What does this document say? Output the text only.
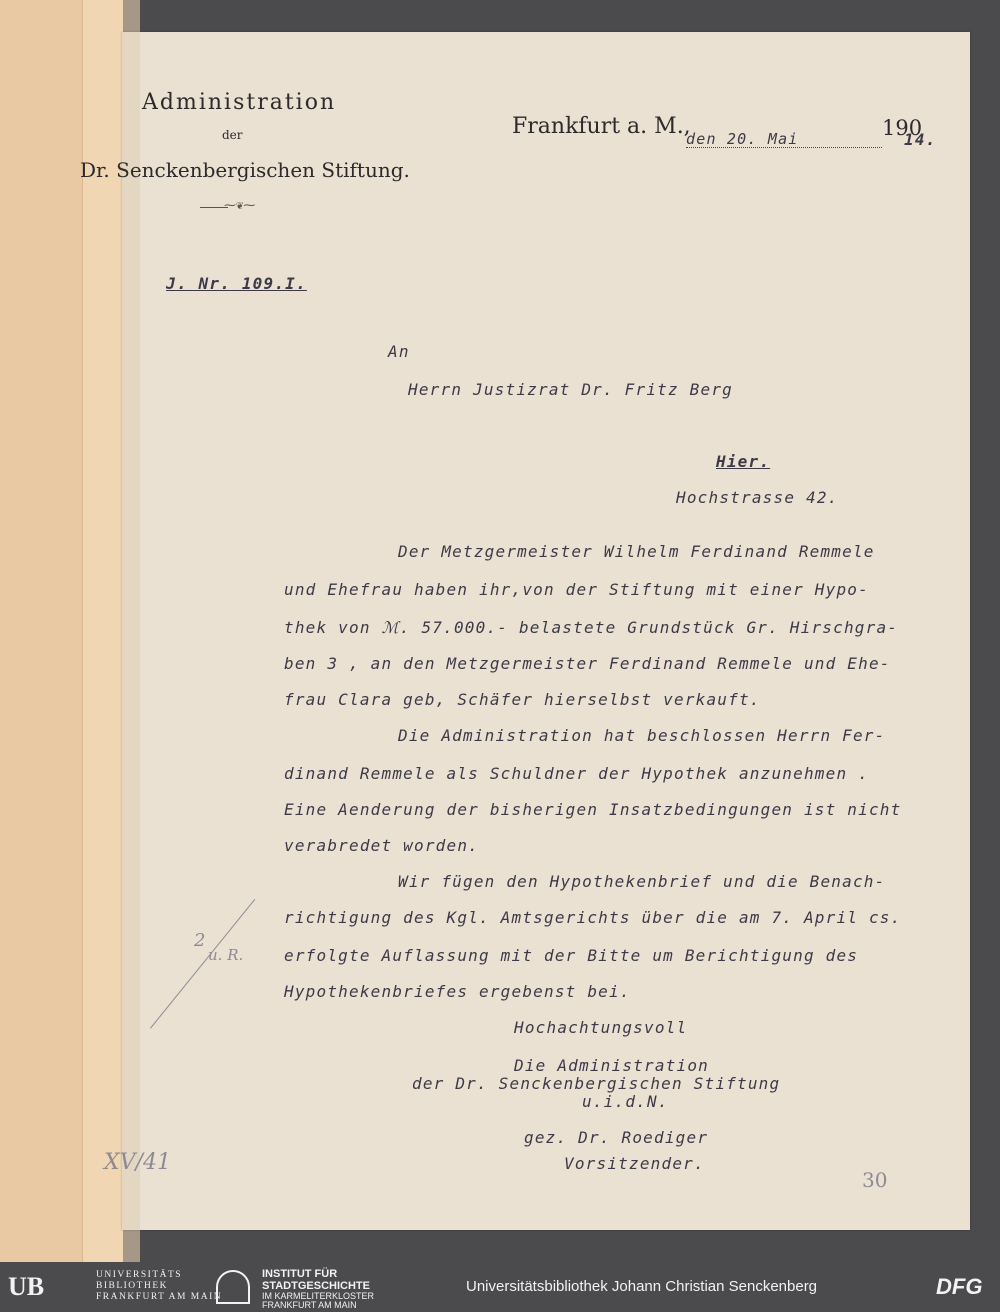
Administration
der
Dr. Senckenbergischen Stiftung.
⁓❦⁓
Frankfurt a. M.,
den 20. Mai	190
14.
J. Nr. 109.I.
An
Herrn Justizrat Dr. Fritz Berg
Hier.
Hochstrasse 42.
Der Metzgermeister Wilhelm Ferdinand Remmele
und Ehefrau haben ihr,von der Stiftung mit einer Hypo-
thek von ℳ. 57.000.- belastete Grundstück Gr. Hirschgra-
ben 3 , an den Metzgermeister Ferdinand Remmele und Ehe-
frau Clara geb, Schäfer hierselbst verkauft.
Die Administration hat beschlossen Herrn Fer-
dinand Remmele als Schuldner der Hypothek anzunehmen .
Eine Aenderung der bisherigen Insatzbedingungen ist nicht
verabredet worden.
Wir fügen den Hypothekenbrief und die Benach-
richtigung des Kgl. Amtsgerichts über die am 7. April cs.
erfolgte Auflassung mit der Bitte um Berichtigung des
Hypothekenbriefes ergebenst bei.
Hochachtungsvoll
Die Administration
der Dr. Senckenbergischen Stiftung
u.i.d.N.
gez. Dr. Roediger
Vorsitzender.
2
u. R.
XV/41
30
UB	UNIVERSITÄTS
BIBLIOTHEK
FRANKFURT AM MAIN
INSTITUT FÜR
STADTGESCHICHTE
IM KARMELITERKLOSTER
FRANKFURT AM MAIN
Universitätsbibliothek Johann Christian Senckenberg	DFG
